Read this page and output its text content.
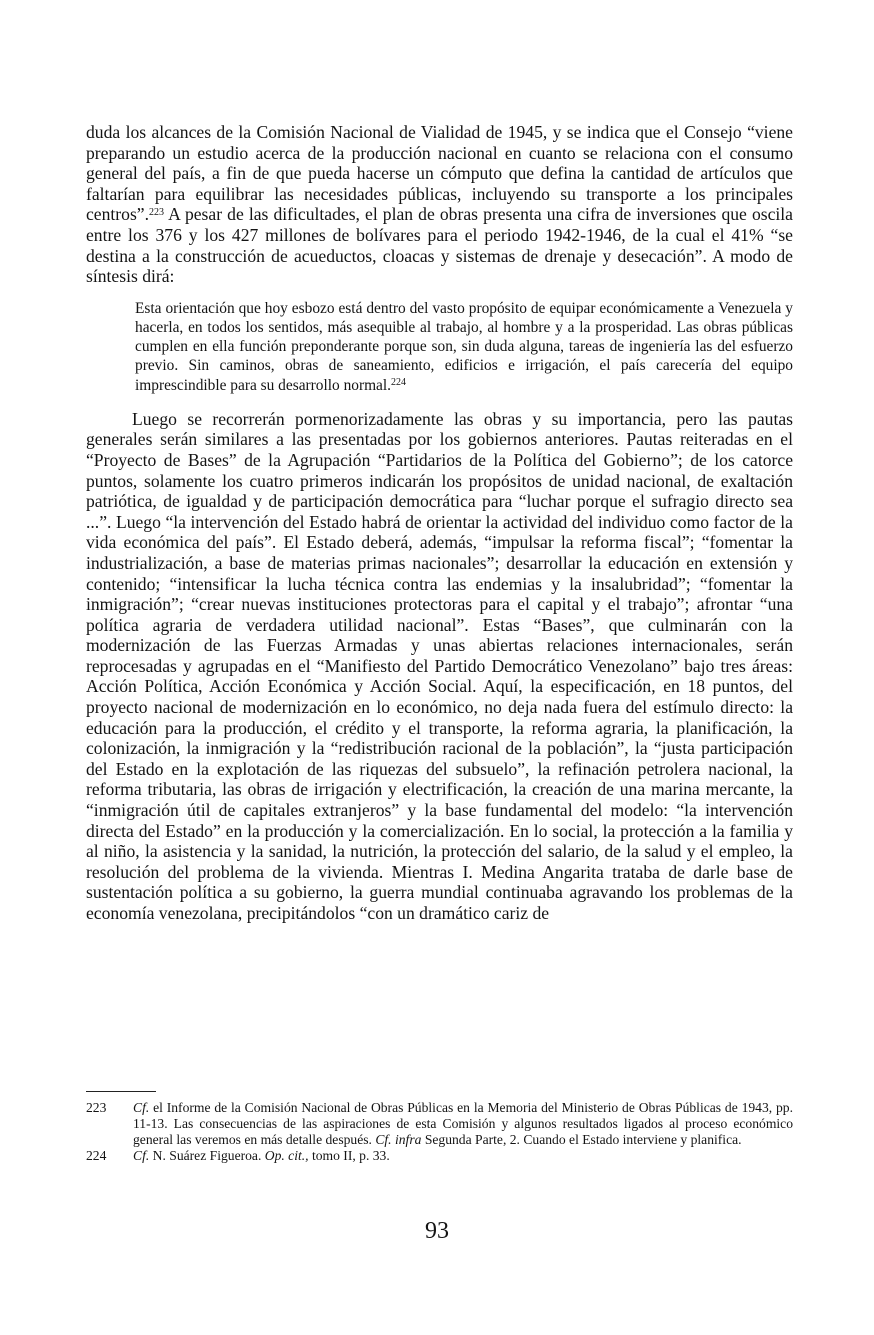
duda los alcances de la Comisión Nacional de Vialidad de 1945, y se indica que el Consejo “viene preparando un estudio acerca de la producción nacional en cuanto se relaciona con el consumo general del país, a fin de que pueda hacerse un cómputo que defina la cantidad de artículos que faltarían para equilibrar las necesidades públicas, incluyendo su transporte a los principales centros”.$^{223}$ A pesar de las dificultades, el plan de obras presenta una cifra de inversiones que oscila entre los 376 y los 427 millones de bolívares para el periodo 1942-1946, de la cual el 41% “se destina a la construcción de acueductos, cloacas y sistemas de drenaje y desecación”. A modo de síntesis dirá:

Esta orientación que hoy esbozo está dentro del vasto propósito de equipar económicamente a Venezuela y hacerla, en todos los sentidos, más asequible al trabajo, al hombre y a la prosperidad. Las obras públicas cumplen en ella función preponderante porque son, sin duda alguna, tareas de ingeniería las del esfuerzo previo. Sin caminos, obras de saneamiento, edificios e irrigación, el país carecería del equipo imprescindible para su desarrollo normal.$^{224}$

Luego se recorrerán pormenorizadamente las obras y su importancia, pero las pautas generales serán similares a las presentadas por los gobiernos anteriores. Pautas reiteradas en el “Proyecto de Bases” de la Agrupación “Partidarios de la Política del Gobierno”; de los catorce puntos, solamente los cuatro primeros indicarán los propósitos de unidad nacional, de exaltación patriótica, de igualdad y de participación democrática para “luchar porque el sufragio directo sea ...”. Luego “la intervención del Estado habrá de orientar la actividad del individuo como factor de la vida económica del país”. El Estado deberá, además, “impulsar la reforma fiscal”; “fomentar la industrialización, a base de materias primas nacionales”; desarrollar la educación en extensión y contenido; “intensificar la lucha técnica contra las endemias y la insalubridad”; “fomentar la inmigración”; “crear nuevas instituciones protectoras para el capital y el trabajo”; afrontar “una política agraria de verdadera utilidad nacional”. Estas “Bases”, que culminarán con la modernización de las Fuerzas Armadas y unas abiertas relaciones internacionales, serán reprocesadas y agrupadas en el “Manifiesto del Partido Democrático Venezolano” bajo tres áreas: Acción Política, Acción Económica y Acción Social. Aquí, la especificación, en 18 puntos, del proyecto nacional de modernización en lo económico, no deja nada fuera del estímulo directo: la educación para la producción, el crédito y el transporte, la reforma agraria, la planificación, la colonización, la inmigración y la “redistribución racional de la población”, la “justa participación del Estado en la explotación de las riquezas del subsuelo”, la refinación petrolera nacional, la reforma tributaria, las obras de irrigación y electrificación, la creación de una marina mercante, la “inmigración útil de capitales extranjeros” y la base fundamental del modelo: “la intervención directa del Estado” en la producción y la comercialización. En lo social, la protección a la familia y al niño, la asistencia y la sanidad, la nutrición, la protección del salario, de la salud y el empleo, la resolución del problema de la vivienda. Mientras I. Medina Angarita trataba de darle base de sustentación política a su gobierno, la guerra mundial continuaba agravando los problemas de la economía venezolana, precipitándolos “con un dramático cariz de

223	Cf. el Informe de la Comisión Nacional de Obras Públicas en la Memoria del Ministerio de Obras Públicas de 1943, pp. 11-13. Las consecuencias de las aspiraciones de esta Comisión y algunos resultados ligados al proceso económico general las veremos en más detalle después. Cf. infra Segunda Parte, 2. Cuando el Estado interviene y planifica.
224	Cf. N. Suárez Figueroa. Op. cit., tomo II, p. 33.
93
